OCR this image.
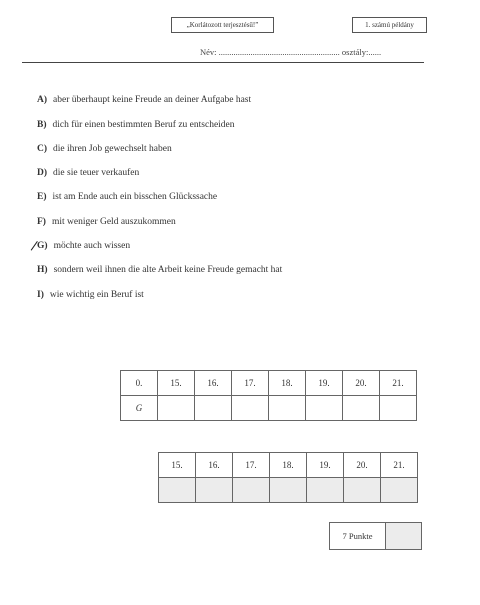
„Korlátozott terjesztésű!”	1. számú példány
Név: ......................................................... osztály:......
A) aber überhaupt keine Freude an deiner Aufgabe hast
B) dich für einen bestimmten Beruf zu entscheiden
C) die ihren Job gewechselt haben
D) die sie teuer verkaufen
E) ist am Ende auch ein bisschen Glückssache
F) mit weniger Geld auszukommen
G) möchte auch wissen
H) sondern weil ihnen die alte Arbeit keine Freude gemacht hat
I) wie wichtig ein Beruf ist
0.	15.	16.	17.	18.	19.	20.	21.
G							
15.	16.	17.	18.	19.	20.	21.

7 Punkte	
